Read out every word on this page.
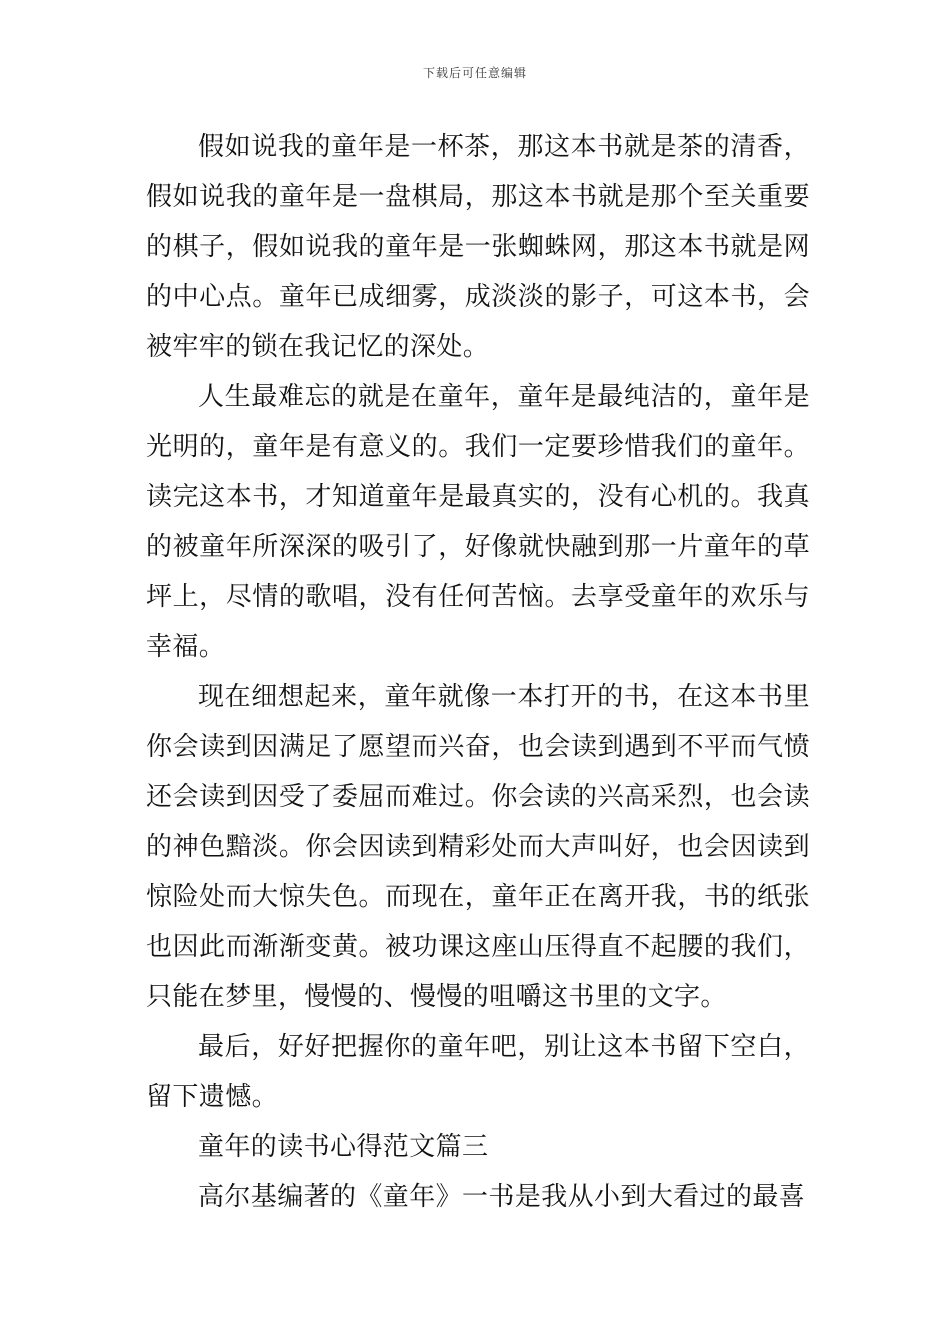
下载后可任意编辑

假如说我的童年是一杯茶，那这本书就是茶的清香，假如说我的童年是一盘棋局，那这本书就是那个至关重要的棋子，假如说我的童年是一张蜘蛛网，那这本书就是网的中心点。童年已成细雾，成淡淡的影子，可这本书，会被牢牢的锁在我记忆的深处。

人生最难忘的就是在童年，童年是最纯洁的，童年是光明的，童年是有意义的。我们一定要珍惜我们的童年。读完这本书，才知道童年是最真实的，没有心机的。我真的被童年所深深的吸引了，好像就快融到那一片童年的草坪上，尽情的歌唱，没有任何苦恼。去享受童年的欢乐与幸福。

现在细想起来，童年就像一本打开的书，在这本书里你会读到因满足了愿望而兴奋，也会读到遇到不平而气愤还会读到因受了委屈而难过。你会读的兴高采烈，也会读的神色黯淡。你会因读到精彩处而大声叫好，也会因读到惊险处而大惊失色。而现在，童年正在离开我，书的纸张也因此而渐渐变黄。被功课这座山压得直不起腰的我们，只能在梦里，慢慢的、慢慢的咀嚼这书里的文字。

最后，好好把握你的童年吧，别让这本书留下空白，留下遗憾。

童年的读书心得范文篇三

高尔基编著的《童年》一书是我从小到大看过的最喜
